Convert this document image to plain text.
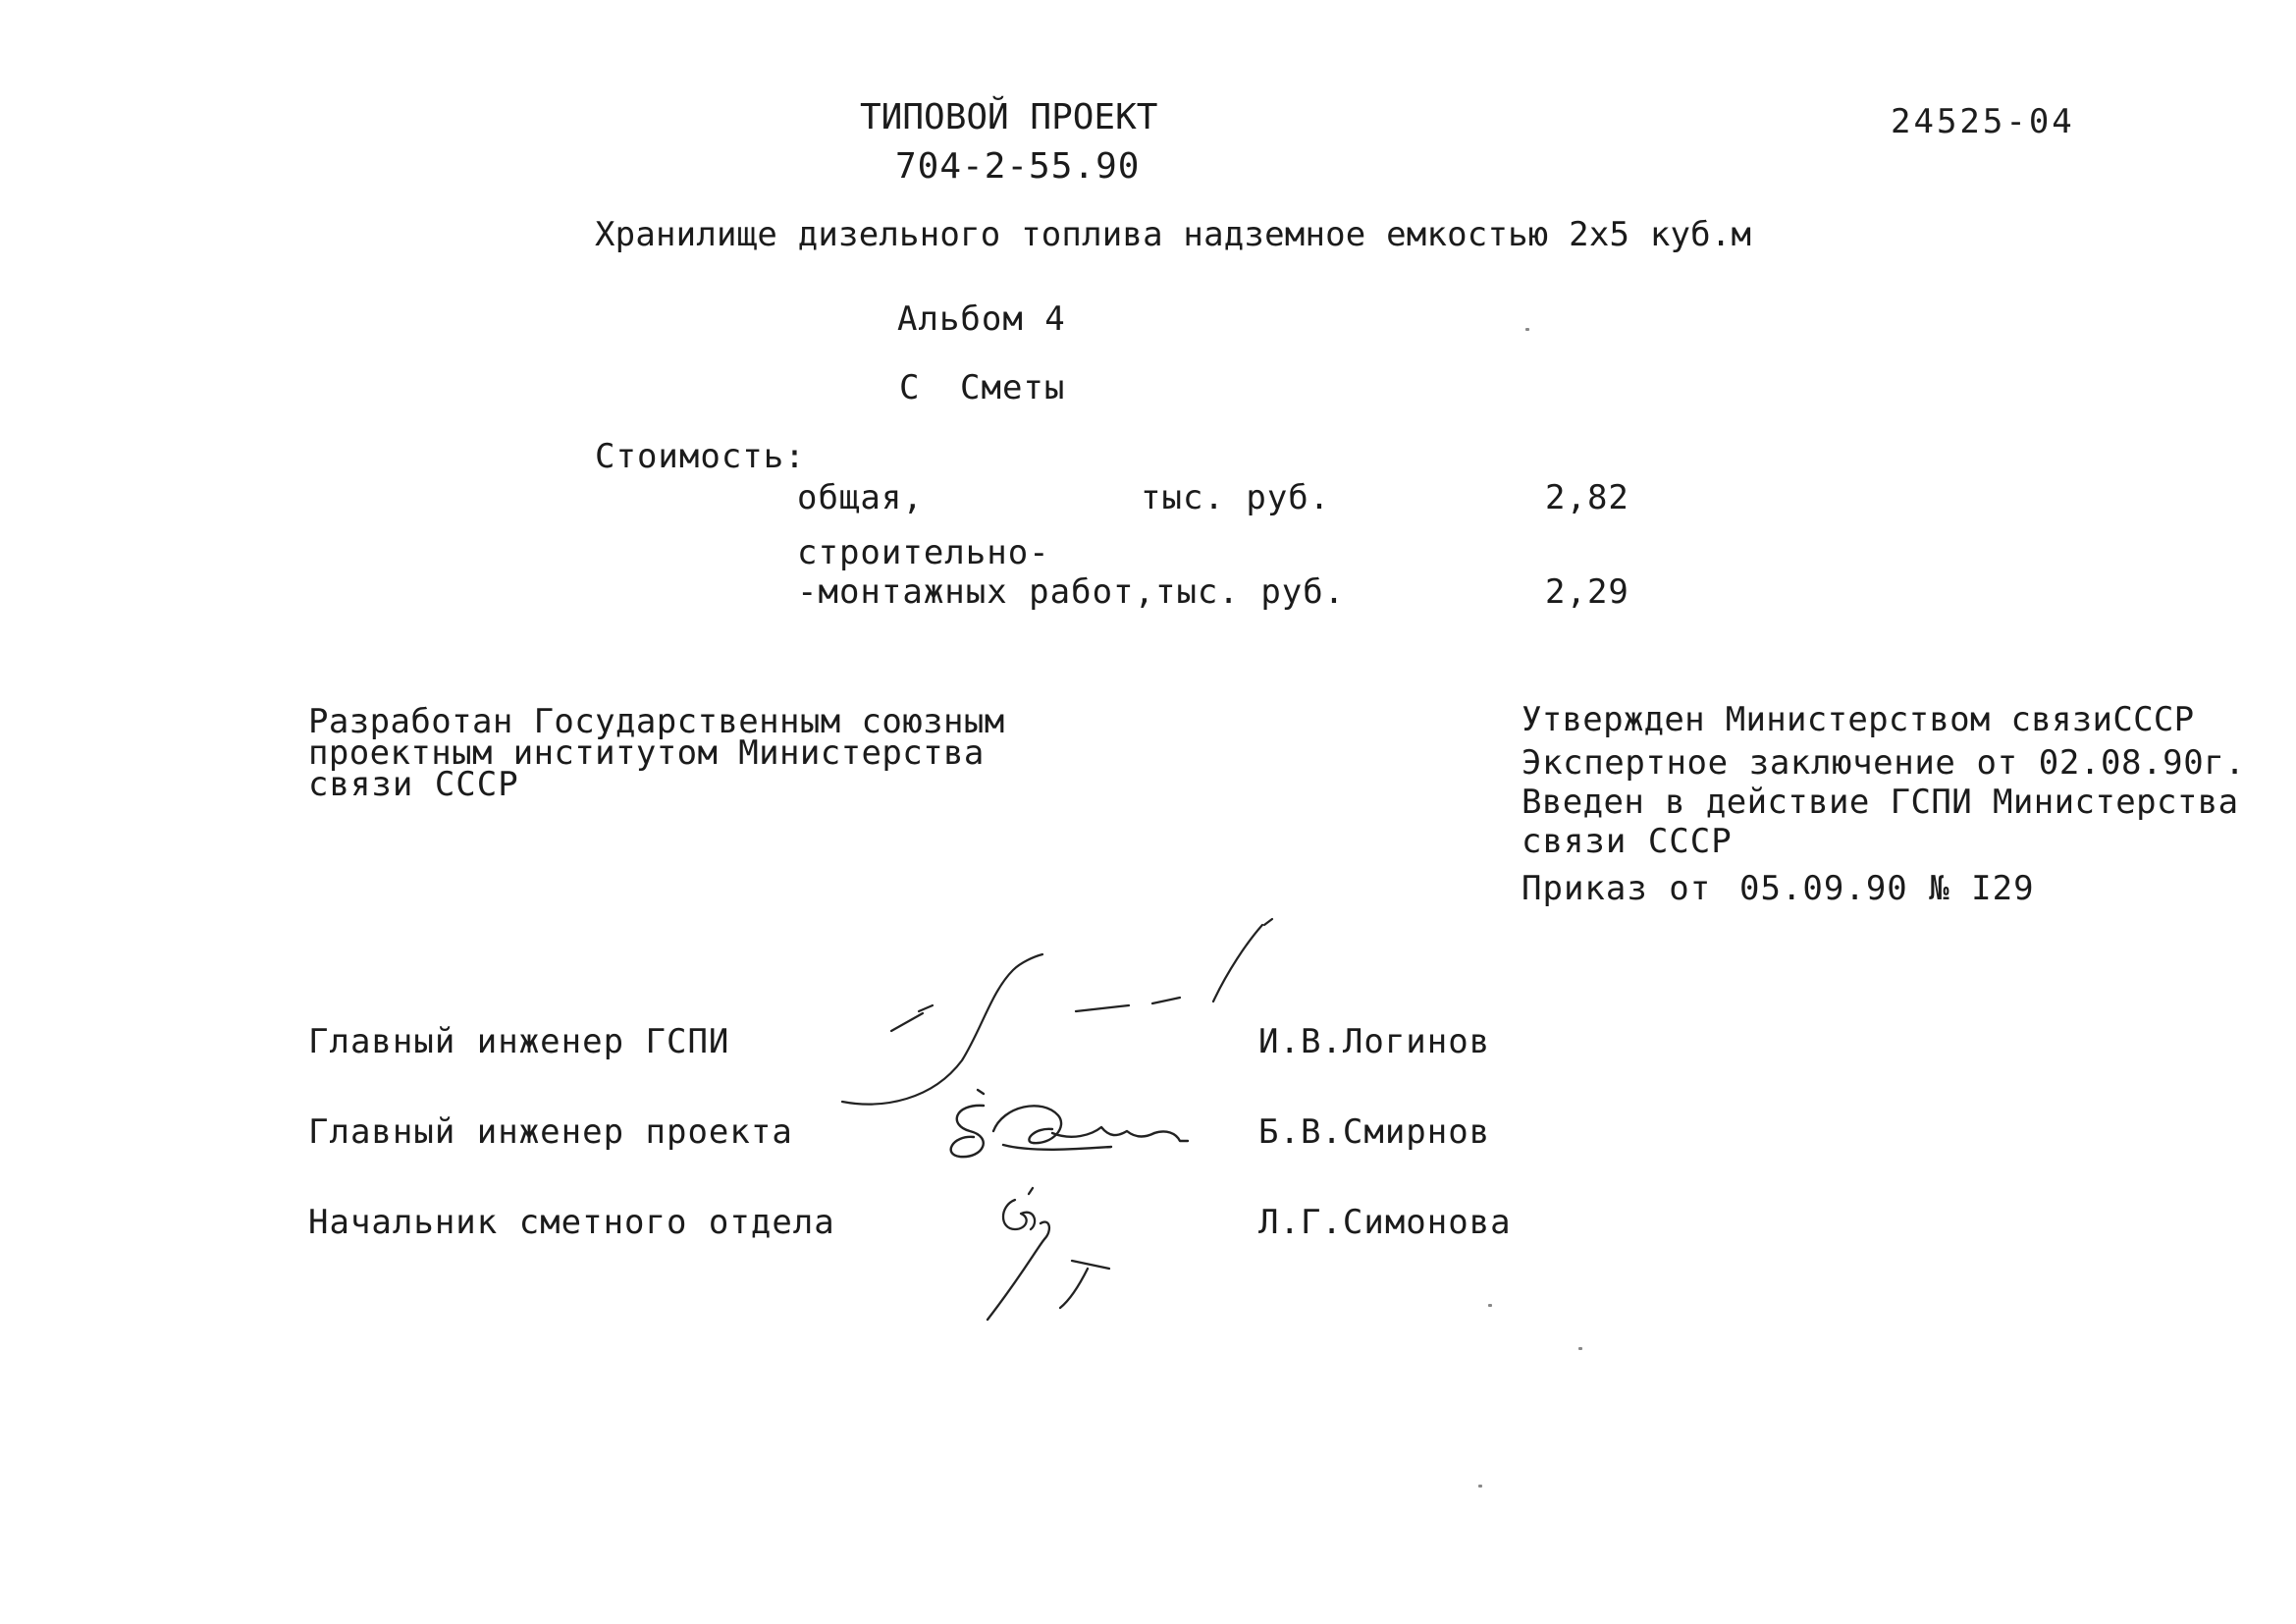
ТИПОВОЙ ПРОЕКТ
704-2-55.90
24525-04
Хранилище дизельного топлива надземное емкостью 2х5 куб.м
Альбом 4
С Сметы
Стоимость:
общая,	тыс. руб.	2,82
строительно-
-монтажных работ,тыс. руб.	2,29
Разработан Государственным союзным
проектным институтом Министерства
связи СССР
Утвержден Министерством связиСССР
Экспертное заключение от 02.08.90г.
Введен в действие ГСПИ Министерства
связи СССР
Приказ от 05.09.90 № I29
Главный инженер ГСПИ	И.В.Логинов
Главный инженер проекта	Б.В.Смирнов
Начальник сметного отдела	Л.Г.Симонова
